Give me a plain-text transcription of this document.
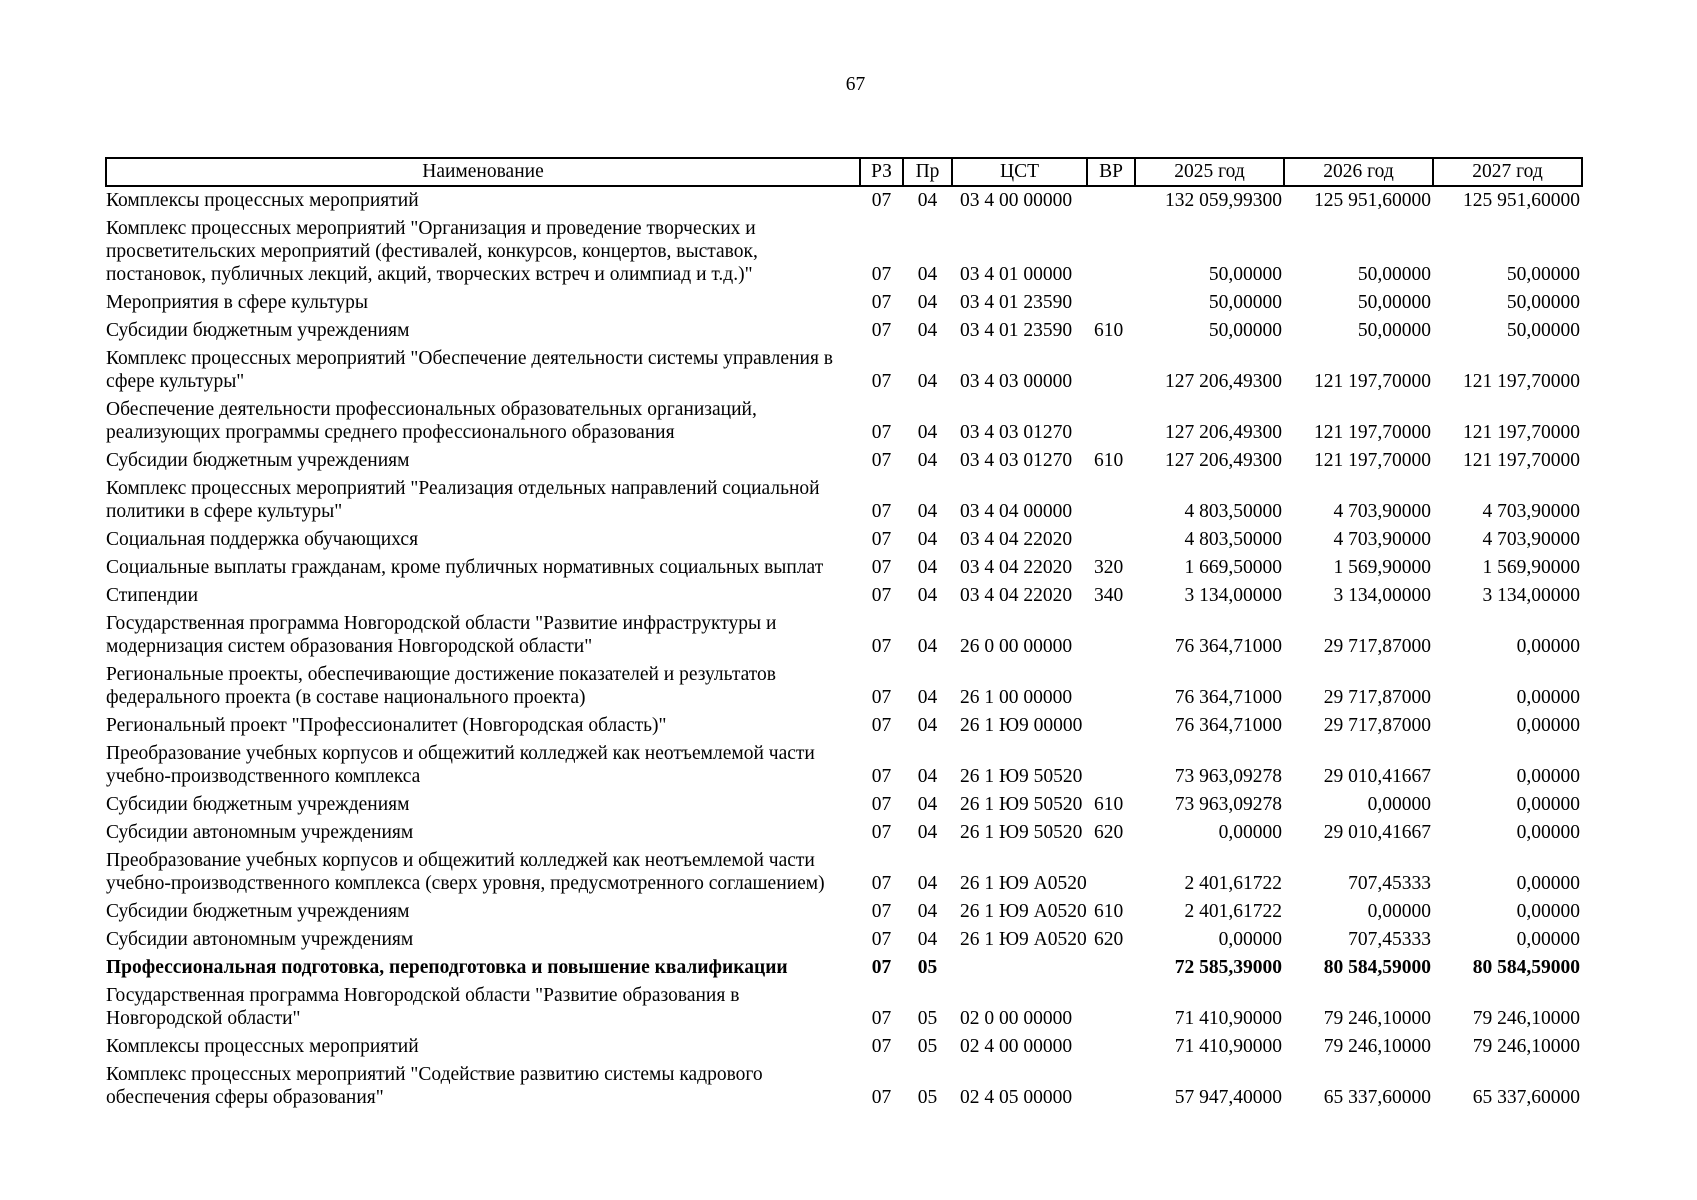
67
Наименование	РЗ	Пр	ЦСТ	ВР	2025 год	2026 год	2027 год
Комплексы процессных мероприятий	07	04	03 4 00 00000		132 059,99300	125 951,60000	125 951,60000
Комплекс процессных мероприятий "Организация и проведение творческих и просветительских мероприятий (фестивалей, конкурсов, концертов, выставок, постановок, публичных лекций, акций, творческих встреч и олимпиад и т.д.)"	07	04	03 4 01 00000		50,00000	50,00000	50,00000
Мероприятия в сфере культуры	07	04	03 4 01 23590		50,00000	50,00000	50,00000
Субсидии бюджетным учреждениям	07	04	03 4 01 23590	610	50,00000	50,00000	50,00000
Комплекс процессных мероприятий "Обеспечение деятельности системы управления в сфере культуры"	07	04	03 4 03 00000		127 206,49300	121 197,70000	121 197,70000
Обеспечение деятельности профессиональных образовательных организаций, реализующих программы среднего профессионального образования	07	04	03 4 03 01270		127 206,49300	121 197,70000	121 197,70000
Субсидии бюджетным учреждениям	07	04	03 4 03 01270	610	127 206,49300	121 197,70000	121 197,70000
Комплекс процессных мероприятий "Реализация отдельных направлений социальной политики в сфере культуры"	07	04	03 4 04 00000		4 803,50000	4 703,90000	4 703,90000
Социальная поддержка обучающихся	07	04	03 4 04 22020		4 803,50000	4 703,90000	4 703,90000
Социальные выплаты гражданам, кроме публичных нормативных социальных выплат	07	04	03 4 04 22020	320	1 669,50000	1 569,90000	1 569,90000
Стипендии	07	04	03 4 04 22020	340	3 134,00000	3 134,00000	3 134,00000
Государственная программа Новгородской области "Развитие инфраструктуры и модернизация систем образования Новгородской области"	07	04	26 0 00 00000		76 364,71000	29 717,87000	0,00000
Региональные проекты, обеспечивающие достижение показателей и результатов федерального проекта (в составе национального проекта)	07	04	26 1 00 00000		76 364,71000	29 717,87000	0,00000
Региональный проект "Профессионалитет (Новгородская область)"	07	04	26 1 Ю9 00000		76 364,71000	29 717,87000	0,00000
Преобразование учебных корпусов и общежитий колледжей как неотъемлемой части учебно-производственного комплекса	07	04	26 1 Ю9 50520		73 963,09278	29 010,41667	0,00000
Субсидии бюджетным учреждениям	07	04	26 1 Ю9 50520	610	73 963,09278	0,00000	0,00000
Субсидии автономным учреждениям	07	04	26 1 Ю9 50520	620	0,00000	29 010,41667	0,00000
Преобразование учебных корпусов и общежитий колледжей как неотъемлемой части учебно-производственного комплекса (сверх уровня, предусмотренного соглашением)	07	04	26 1 Ю9 А0520		2 401,61722	707,45333	0,00000
Субсидии бюджетным учреждениям	07	04	26 1 Ю9 А0520	610	2 401,61722	0,00000	0,00000
Субсидии автономным учреждениям	07	04	26 1 Ю9 А0520	620	0,00000	707,45333	0,00000
Профессиональная подготовка, переподготовка и повышение квалификации	07	05			72 585,39000	80 584,59000	80 584,59000
Государственная программа Новгородской области "Развитие образования в Новгородской области"	07	05	02 0 00 00000		71 410,90000	79 246,10000	79 246,10000
Комплексы процессных мероприятий	07	05	02 4 00 00000		71 410,90000	79 246,10000	79 246,10000
Комплекс процессных мероприятий "Содействие развитию системы кадрового обеспечения сферы образования"	07	05	02 4 05 00000		57 947,40000	65 337,60000	65 337,60000
